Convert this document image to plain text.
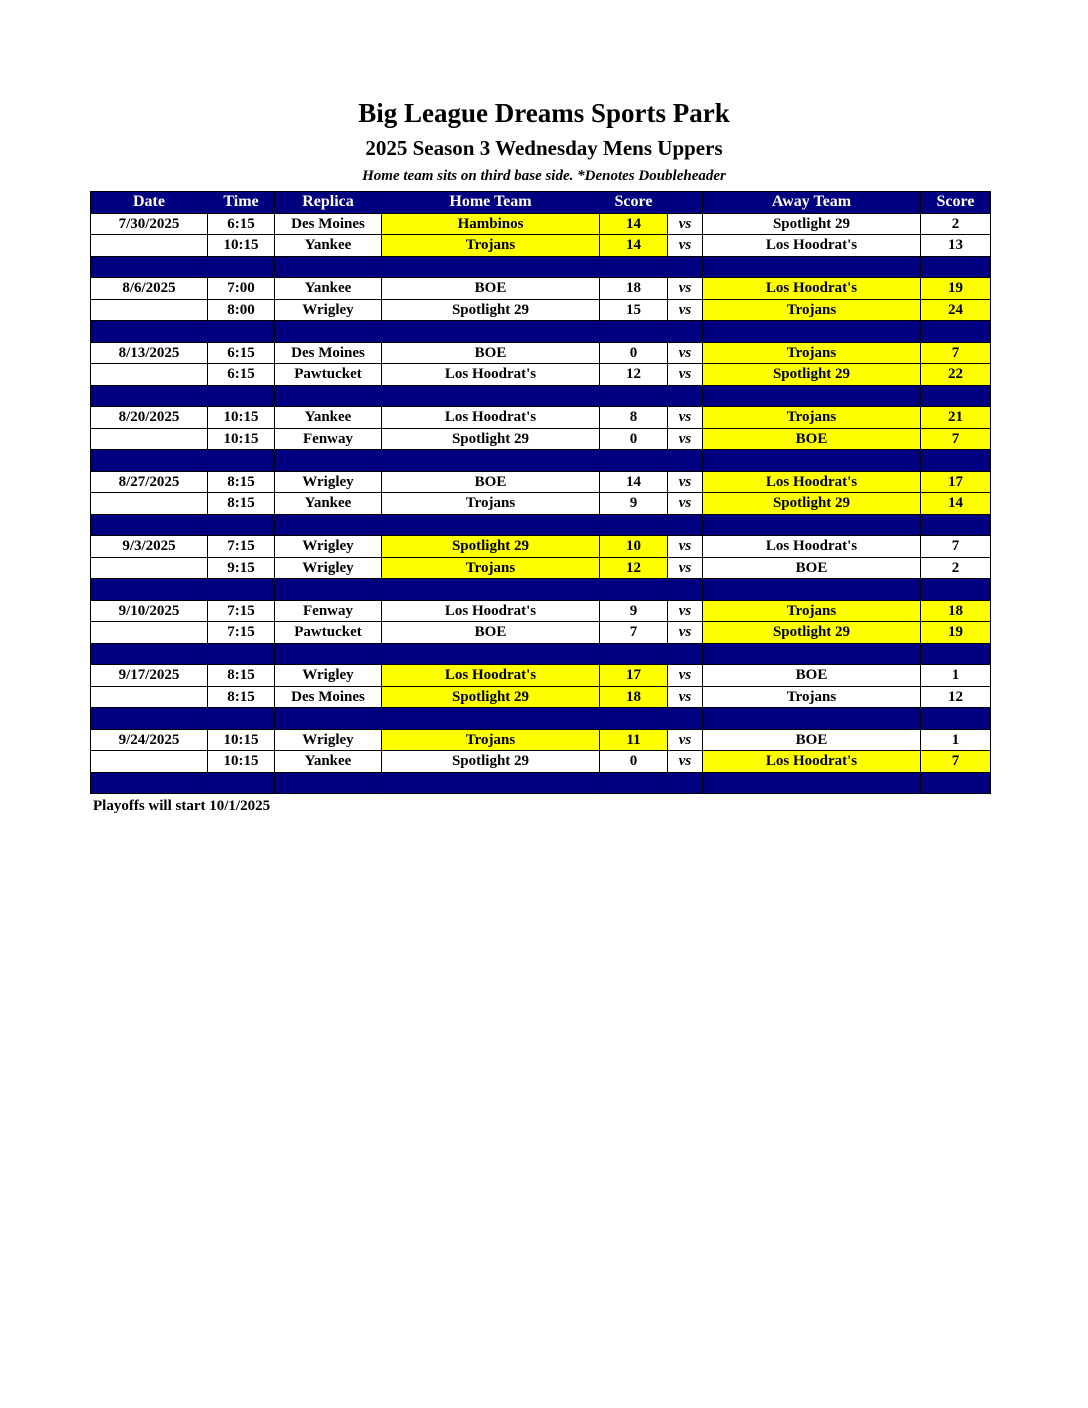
Big League Dreams Sports Park
2025 Season 3 Wednesday Mens Uppers
Home team sits on third base side. *Denotes Doubleheader
Date	Time	Replica	Home Team	Score		Away Team	Score
7/30/2025	6:15	Des Moines	Hambinos	14	vs	Spotlight 29	2
	10:15	Yankee	Trojans	14	vs	Los Hoodrat's	13

8/6/2025	7:00	Yankee	BOE	18	vs	Los Hoodrat's	19
	8:00	Wrigley	Spotlight 29	15	vs	Trojans	24

8/13/2025	6:15	Des Moines	BOE	0	vs	Trojans	7
	6:15	Pawtucket	Los Hoodrat's	12	vs	Spotlight 29	22

8/20/2025	10:15	Yankee	Los Hoodrat's	8	vs	Trojans	21
	10:15	Fenway	Spotlight 29	0	vs	BOE	7

8/27/2025	8:15	Wrigley	BOE	14	vs	Los Hoodrat's	17
	8:15	Yankee	Trojans	9	vs	Spotlight 29	14

9/3/2025	7:15	Wrigley	Spotlight 29	10	vs	Los Hoodrat's	7
	9:15	Wrigley	Trojans	12	vs	BOE	2

9/10/2025	7:15	Fenway	Los Hoodrat's	9	vs	Trojans	18
	7:15	Pawtucket	BOE	7	vs	Spotlight 29	19

9/17/2025	8:15	Wrigley	Los Hoodrat's	17	vs	BOE	1
	8:15	Des Moines	Spotlight 29	18	vs	Trojans	12

9/24/2025	10:15	Wrigley	Trojans	11	vs	BOE	1
	10:15	Yankee	Spotlight 29	0	vs	Los Hoodrat's	7

Playoffs will start 10/1/2025
